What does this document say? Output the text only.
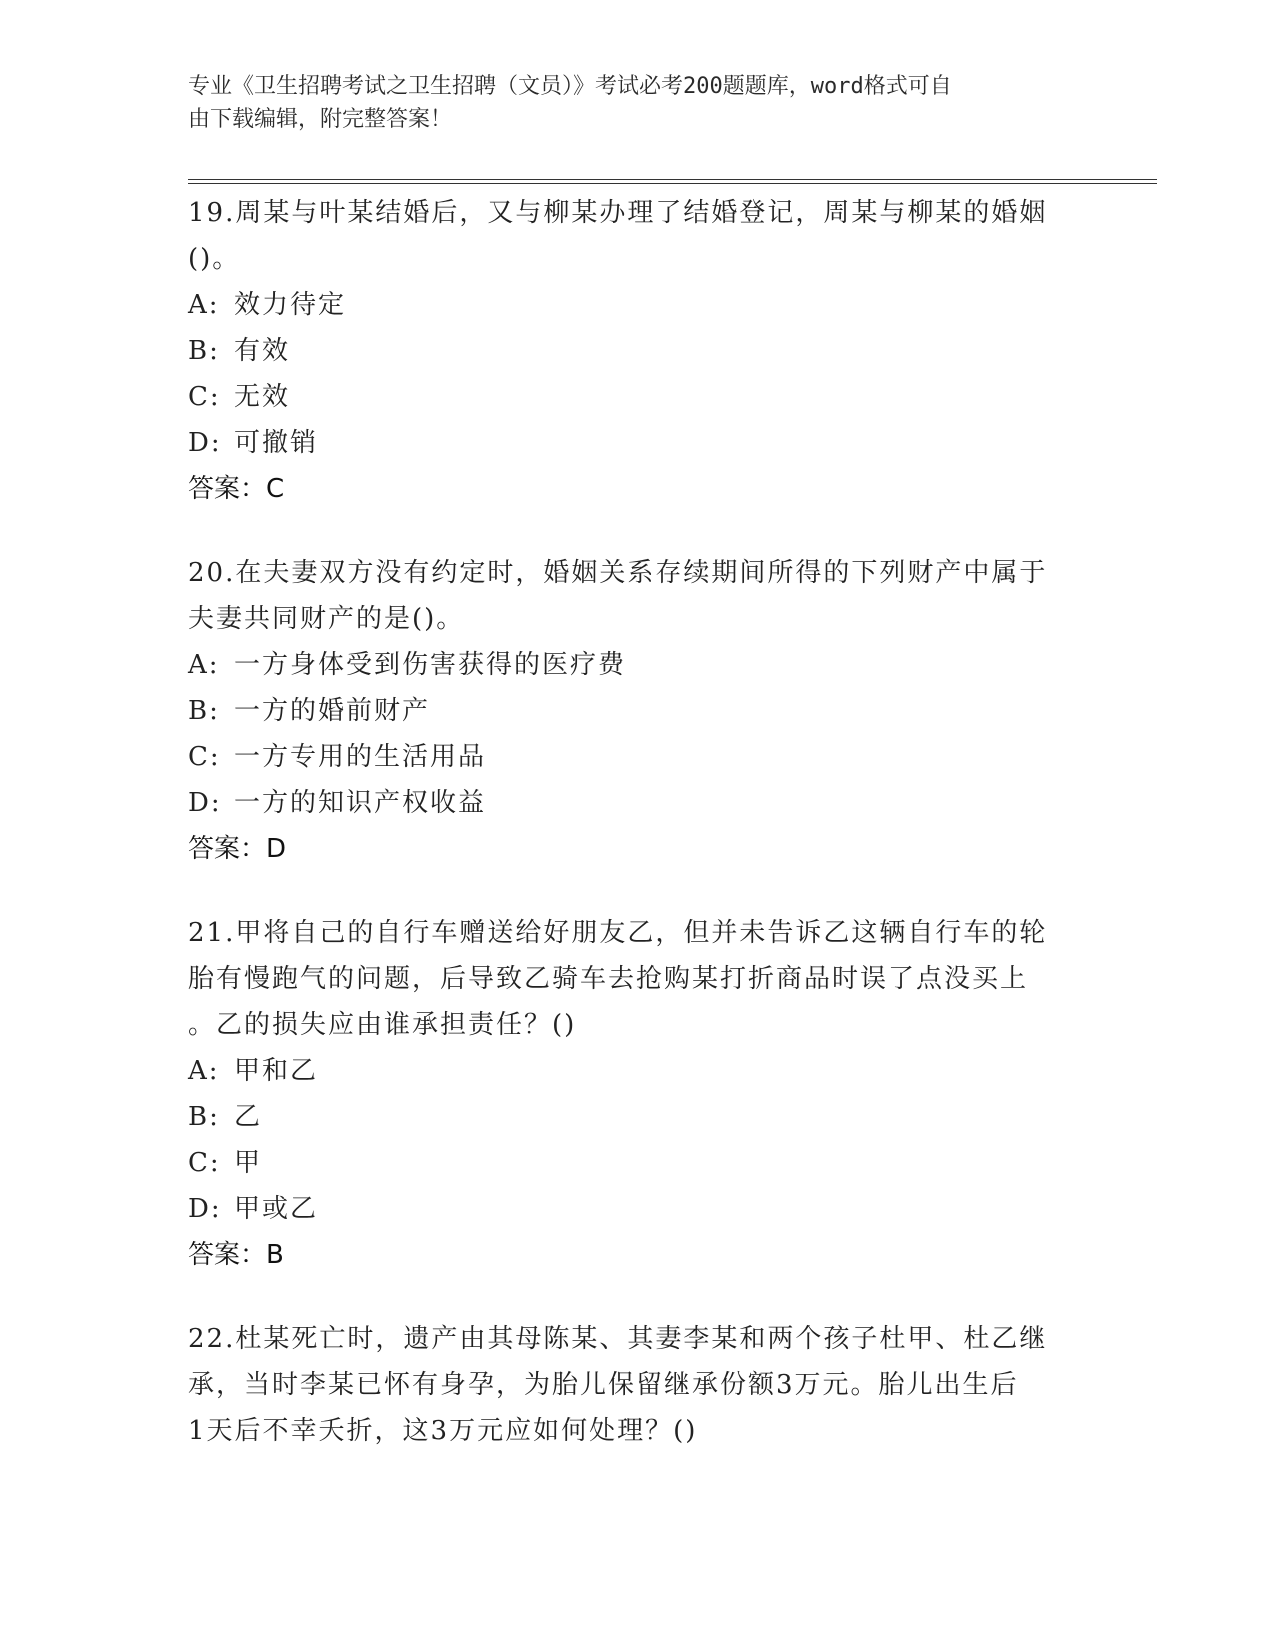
专业《卫生招聘考试之卫生招聘（文员）》考试必考200题题库，word格式可自
由下载编辑，附完整答案！

19.周某与叶某结婚后，又与柳某办理了结婚登记，周某与柳某的婚姻

()。

A: 效力待定

B: 有效

C: 无效

D: 可撤销

答案：C

20.在夫妻双方没有约定时，婚姻关系存续期间所得的下列财产中属于

夫妻共同财产的是()。

A: 一方身体受到伤害获得的医疗费

B: 一方的婚前财产

C: 一方专用的生活用品

D: 一方的知识产权收益

答案：D

21.甲将自己的自行车赠送给好朋友乙，但并未告诉乙这辆自行车的轮

胎有慢跑气的问题，后导致乙骑车去抢购某打折商品时误了点没买上

。乙的损失应由谁承担责任？()

A: 甲和乙

B: 乙

C: 甲

D: 甲或乙

答案：B

22.杜某死亡时，遗产由其母陈某、其妻李某和两个孩子杜甲、杜乙继

承，当时李某已怀有身孕，为胎儿保留继承份额3万元。胎儿出生后

1天后不幸夭折，这3万元应如何处理？()
